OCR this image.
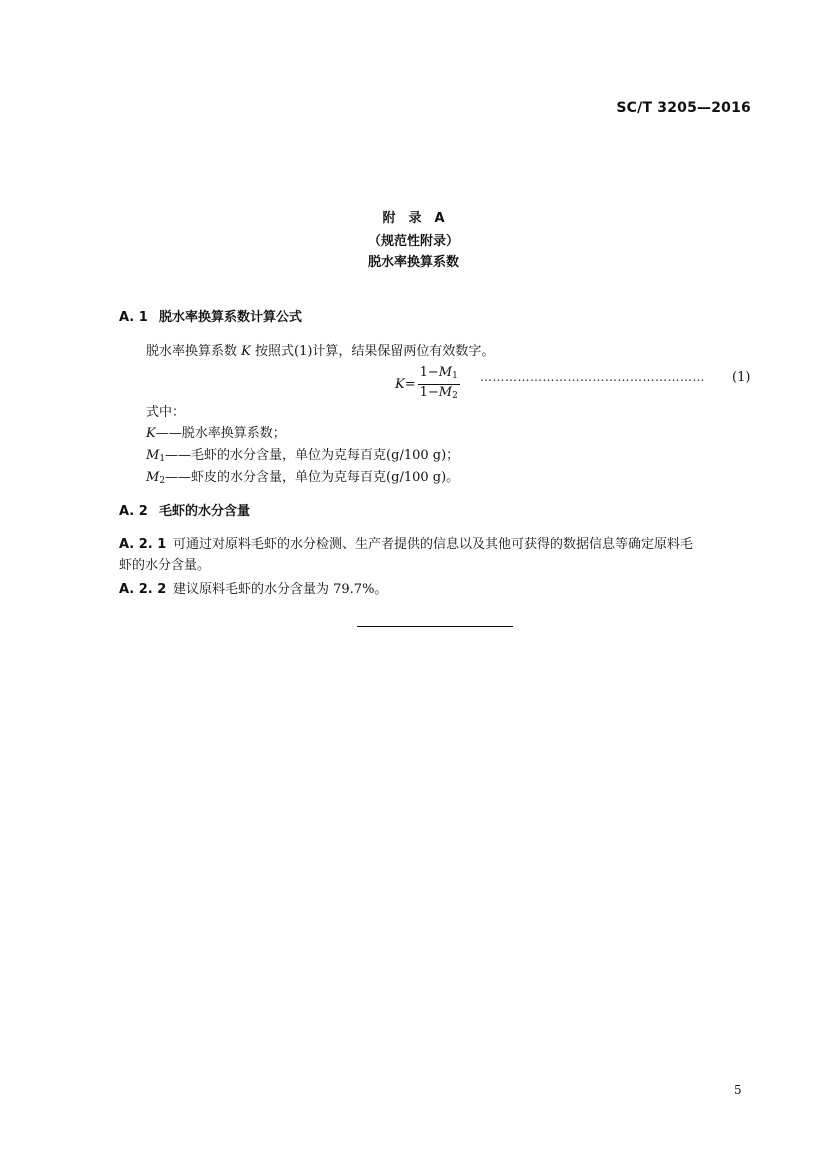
SC/T 3205—2016
附　录　A
（规范性附录）
脱水率换算系数
A. 1 脱水率换算系数计算公式
脱水率换算系数 K 按照式(1)计算，结果保留两位有效数字。
$K = \frac{1-M_1}{1-M_2}$ ……………………………………………… (1)
式中：
K——脱水率换算系数；
$M_1——$毛虾的水分含量，单位为克每百克(g/100 g)；
$M_2——$虾皮的水分含量，单位为克每百克(g/100 g)。
A. 2 毛虾的水分含量
A. 2. 1 可通过对原料毛虾的水分检测、生产者提供的信息以及其他可获得的数据信息等确定原料毛
虾的水分含量。
A. 2. 2 建议原料毛虾的水分含量为 79.7%。
5
